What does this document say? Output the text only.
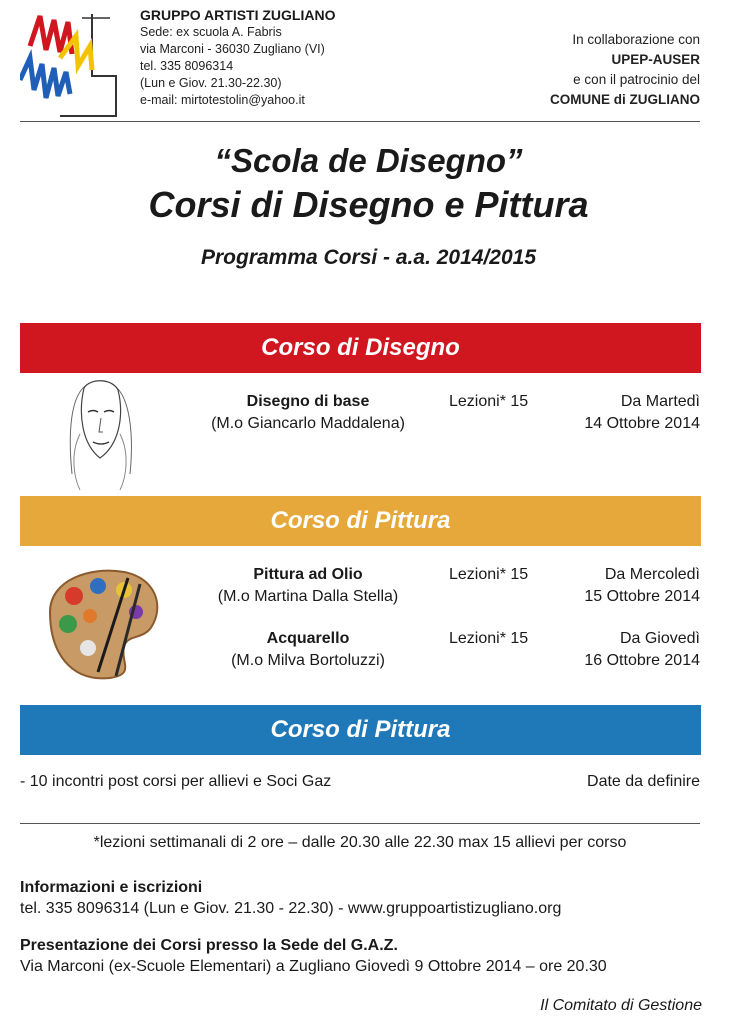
GRUPPO ARTISTI ZUGLIANO
Sede: ex scuola A. Fabris
via Marconi - 36030 Zugliano (VI)
tel. 335 8096314
(Lun e Giov. 21.30-22.30)
e-mail: mirtotestolin@yahoo.it
In collaborazione con
UPEP-AUSER
e con il patrocinio del
COMUNE di ZUGLIANO
“Scola de Disegno”
Corsi di Disegno e Pittura
Programma Corsi - a.a. 2014/2015
Corso di Disegno
Disegno di base
(M.o Giancarlo Maddalena)
Lezioni* 15	Da Martedì
14 Ottobre 2014
Corso di Pittura
Pittura ad Olio
(M.o Martina Dalla Stella)
Lezioni* 15	Da Mercoledì
15 Ottobre 2014
Acquarello
(M.o Milva Bortoluzzi)
Lezioni* 15	Da Giovedì
16 Ottobre 2014
Corso di Pittura
- 10 incontri post corsi per allievi e Soci Gaz	Date da definire
*lezioni settimanali di 2 ore – dalle 20.30 alle 22.30 max 15 allievi per corso
Informazioni e iscrizioni
tel. 335 8096314 (Lun e Giov. 21.30 - 22.30) - www.gruppoartistizugliano.org
Presentazione dei Corsi presso la Sede del G.A.Z.
Via Marconi (ex-Scuole Elementari) a Zugliano Giovedì 9 Ottobre 2014 – ore 20.30
Il Comitato di Gestione
